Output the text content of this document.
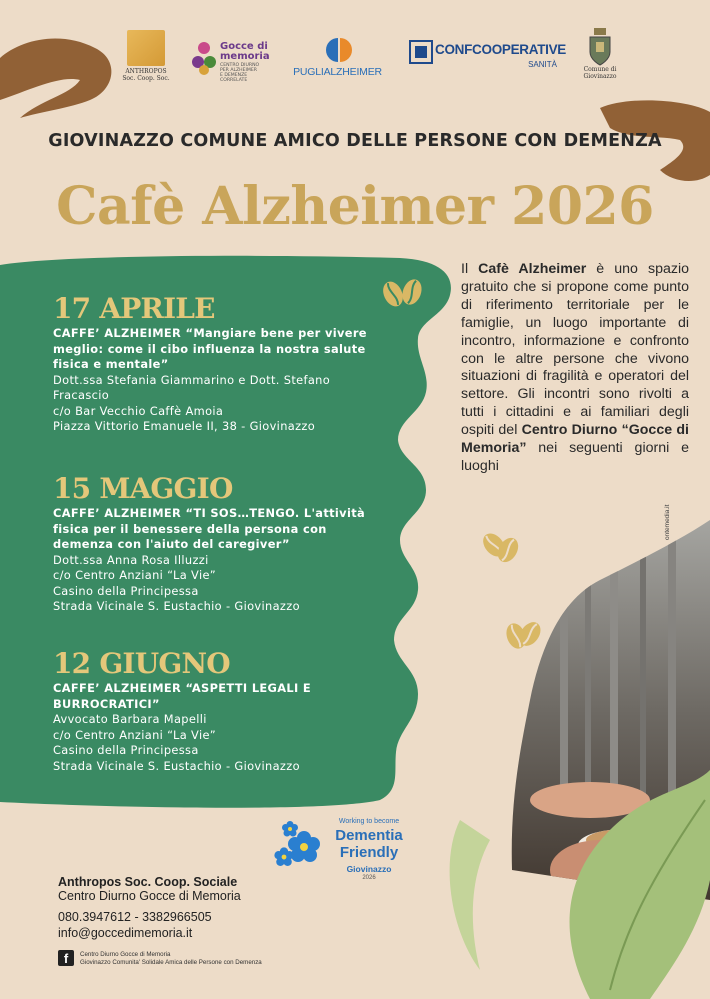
ANTHROPOS
Soc. Coop. Soc.
Gocce di
memoria
CENTRO DIURNO
PER ALZHEIMER
E DEMENZE
CORRELATE
PUGLIALZHEIMER
CONFCOOPERATIVE
SANITÀ
Comune di
Giovinazzo
GIOVINAZZO COMUNE AMICO DELLE PERSONE CON DEMENZA
Cafè Alzheimer 2026
Il Cafè Alzheimer è uno spazio gratuito che si propone come punto di riferimento territoriale per le famiglie, un luogo importante di incontro, informazione e confronto con le altre persone che vivono situazioni di fragilità e operatori del settore. Gli incontri sono rivolti a tutti i cittadini e ai familiari degli ospiti del Centro Diurno “Gocce di Memoria” nei seguenti giorni e luoghi
17 APRILE
CAFFE’ ALZHEIMER “Mangiare bene per vivere
meglio: come il cibo influenza la nostra salute
fisica e mentale”
Dott.ssa Stefania Giammarino e Dott. Stefano
Fracascio
c/o Bar Vecchio Caffè Amoia
Piazza Vittorio Emanuele II, 38 - Giovinazzo
15 MAGGIO
CAFFE’ ALZHEIMER “TI SOS…TENGO. L'attività
fisica per il benessere della persona con
demenza con l'aiuto del caregiver”
Dott.ssa Anna Rosa Illuzzi
c/o Centro Anziani “La Vie”
Casino della Principessa
Strada Vicinale S. Eustachio - Giovinazzo
12 GIUGNO
CAFFE’ ALZHEIMER “ASPETTI LEGALI E
BURROCRATICI”
Avvocato Barbara Mapelli
c/o Centro Anziani “La Vie”
Casino della Principessa
Strada Vicinale S. Eustachio - Giovinazzo
ontemedia.it
Working to become
Dementia
Friendly
Giovinazzo
2026
Anthropos Soc. Coop. Sociale
Centro Diurno Gocce di Memoria
080.3947612 - 3382966505
info@goccedimemoria.it
f	Centro Diurno Gocce di Memoria
Giovinazzo Comunita' Solidale Amica delle Persone con Demenza
